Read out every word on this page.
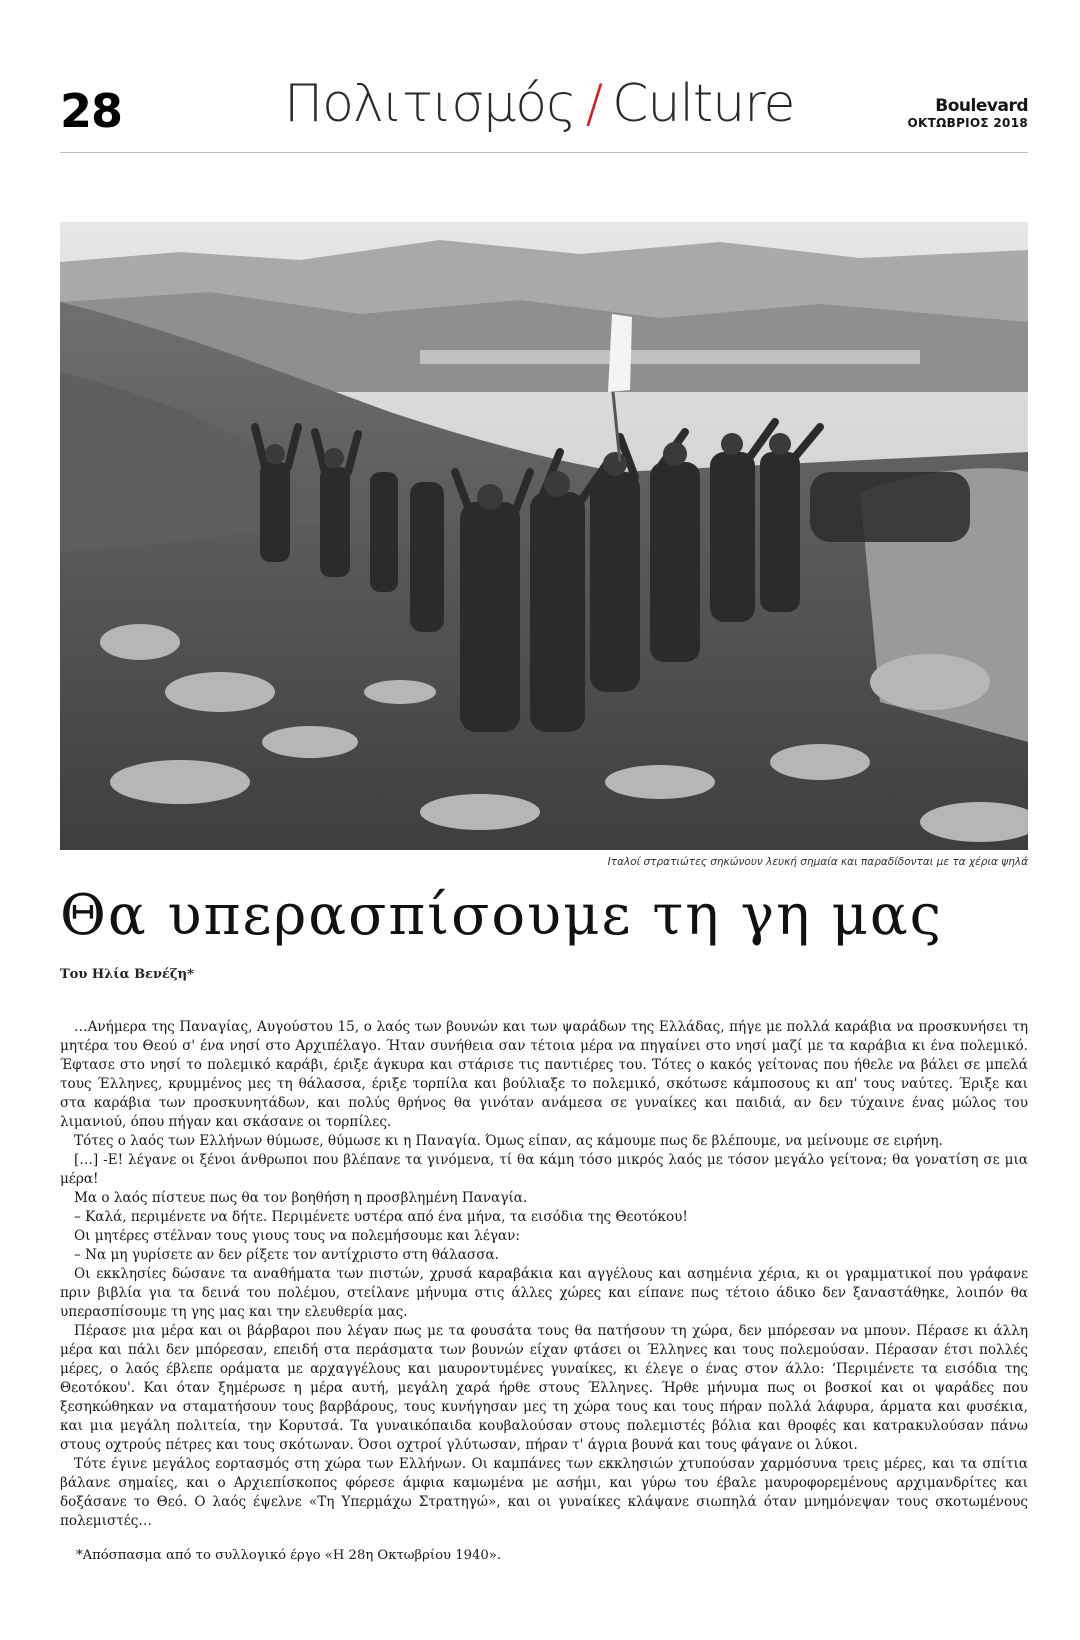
28	Πολιτισμός / Culture	Boulevard
ΟΚΤΩΒΡΙΟΣ 2018
Ιταλοί στρατιώτες σηκώνουν λευκή σημαία και παραδίδονται με τα χέρια ψηλά
Θα υπερασπίσουμε τη γη μας
Του Ηλία Βενέζη*

…Ανήμερα της Παναγίας, Αυγούστου 15, ο λαός των βουνών και των ψαράδων της Ελλάδας, πήγε με πολλά καράβια να προσκυνήσει τη μητέρα του Θεού σ' ένα νησί στο Αρχιπέλαγο. Ήταν συνήθεια σαν τέτοια μέρα να πηγαίνει στο νησί μαζί με τα καράβια κι ένα πολεμικό. Έφτασε στο νησί το πολεμικό καράβι, έριξε άγκυρα και στάρισε τις παντιέρες του. Τότες ο κακός γείτονας που ήθελε να βάλει σε μπελά τους Έλληνες, κρυμμένος μες τη θάλασσα, έριξε τορπίλα και βούλιαξε το πολεμικό, σκότωσε κάμποσους κι απ' τους ναύτες. Έριξε και στα καράβια των προσκυνητάδων, και πολύς θρήνος θα γινόταν ανάμεσα σε γυναίκες και παιδιά, αν δεν τύχαινε ένας μώλος του λιμανιού, όπου πήγαν και σκάσανε οι τορπίλες.

Τότες ο λαός των Ελλήνων θύμωσε, θύμωσε κι η Παναγία. Όμως είπαν, ας κάμουμε πως δε βλέπουμε, να μείνουμε σε ειρήνη.

[…] -Ε! λέγανε οι ξένοι άνθρωποι που βλέπανε τα γινόμενα, τί θα κάμη τόσο μικρός λαός με τόσον μεγάλο γείτονα; θα γονατίση σε μια μέρα!

Μα ο λαός πίστευε πως θα τον βοηθήση η προσβλημένη Παναγία.

– Καλά, περιμένετε να δήτε. Περιμένετε υστέρα από ένα μήνα, τα εισόδια της Θεοτόκου!

Οι μητέρες στέλναν τους γιους τους να πολεμήσουμε και λέγαν:

– Να μη γυρίσετε αν δεν ρίξετε τον αντίχριστο στη θάλασσα.

Οι εκκλησίες δώσανε τα αναθήματα των πιστών, χρυσά καραβάκια και αγγέλους και ασημένια χέρια, κι οι γραμματικοί που γράφανε πριν βιβλία για τα δεινά του πολέμου, στείλανε μήνυμα στις άλλες χώρες και είπανε πως τέτοιο άδικο δεν ξαναστάθηκε, λοιπόν θα υπερασπίσουμε τη γης μας και την ελευθερία μας.

Πέρασε μια μέρα και οι βάρβαροι που λέγαν πως με τα φουσάτα τους θα πατήσουν τη χώρα, δεν μπόρεσαν να μπουν. Πέρασε κι άλλη μέρα και πάλι δεν μπόρεσαν, επειδή στα περάσματα των βουνών είχαν φτάσει οι Έλληνες και τους πολεμούσαν. Πέρασαν έτσι πολλές μέρες, ο λαός έβλεπε οράματα με αρχαγγέλους και μαυροντυμένες γυναίκες, κι έλεγε ο ένας στον άλλο: ‘Περιμένετε τα εισόδια της Θεοτόκου'. Και όταν ξημέρωσε η μέρα αυτή, μεγάλη χαρά ήρθε στους Έλληνες. Ήρθε μήνυμα πως οι βοσκοί και οι ψαράδες που ξεσηκώθηκαν να σταματήσουν τους βαρβάρους, τους κυνήγησαν μες τη χώρα τους και τους πήραν πολλά λάφυρα, άρματα και φυσέκια, και μια μεγάλη πολιτεία, την Κορυτσά. Τα γυναικόπαιδα κουβαλούσαν στους πολεμιστές βόλια και θροφές και κατρακυλούσαν πάνω στους οχτρούς πέτρες και τους σκότωναν. Όσοι οχτροί γλύτωσαν, πήραν τ' άγρια βουνά και τους φάγανε οι λύκοι.

Τότε έγινε μεγάλος εορτασμός στη χώρα των Ελλήνων. Οι καμπάνες των εκκλησιών χτυπούσαν χαρμόσυνα τρεις μέρες, και τα σπίτια βάλανε σημαίες, και ο Αρχιεπίσκοπος φόρεσε άμφια καμωμένα με ασήμι, και γύρω του έβαλε μαυροφορεμένους αρχιμανδρίτες και δοξάσανε το Θεό. Ο λαός έψελνε «Τη Υπερμάχω Στρατηγώ», και οι γυναίκες κλάψανε σιωπηλά όταν μνημόνεψαν τους σκοτωμένους πολεμιστές…

*Απόσπασμα από το συλλογικό έργο «Η 28η Οκτωβρίου 1940».
